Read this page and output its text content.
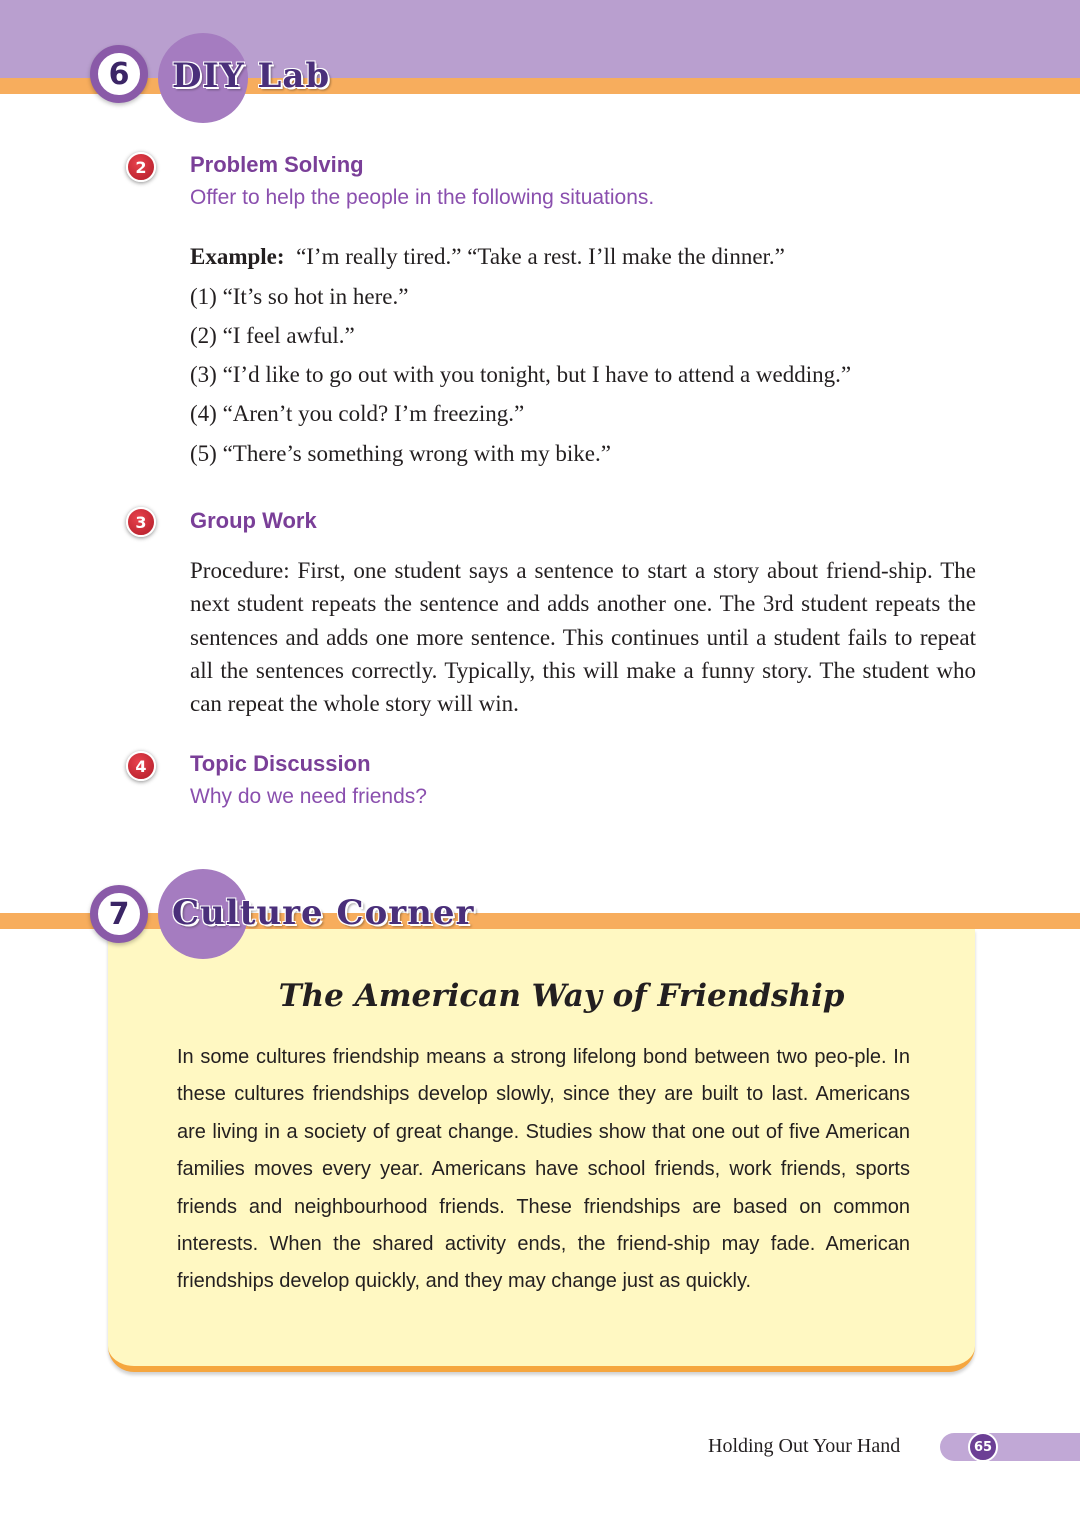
6	DIY Lab
2	Problem Solving
Offer to help the people in the following situations.
Example: “I’m really tired.” “Take a rest. I’ll make the dinner.”
(1) “It’s so hot in here.”
(2) “I feel awful.”
(3) “I’d like to go out with you tonight, but I have to attend a wedding.”
(4) “Aren’t you cold? I’m freezing.”
(5) “There’s something wrong with my bike.”
3	Group Work
Procedure: First, one student says a sentence to start a story about friend-ship. The next student repeats the sentence and adds another one. The 3rd student repeats the sentences and adds one more sentence. This continues until a student fails to repeat all the sentences correctly. Typically, this will make a funny story. The student who can repeat the whole story will win.
4	Topic Discussion
Why do we need friends?
7	Culture Corner
The American Way of Friendship
In some cultures friendship means a strong lifelong bond between two peo-ple. In these cultures friendships develop slowly, since they are built to last. Americans are living in a society of great change. Studies show that one out of five American families moves every year. Americans have school friends, work friends, sports friends and neighbourhood friends. These friendships are based on common interests. When the shared activity ends, the friend-ship may fade. American friendships develop quickly, and they may change just as quickly.
Holding Out Your Hand	65
